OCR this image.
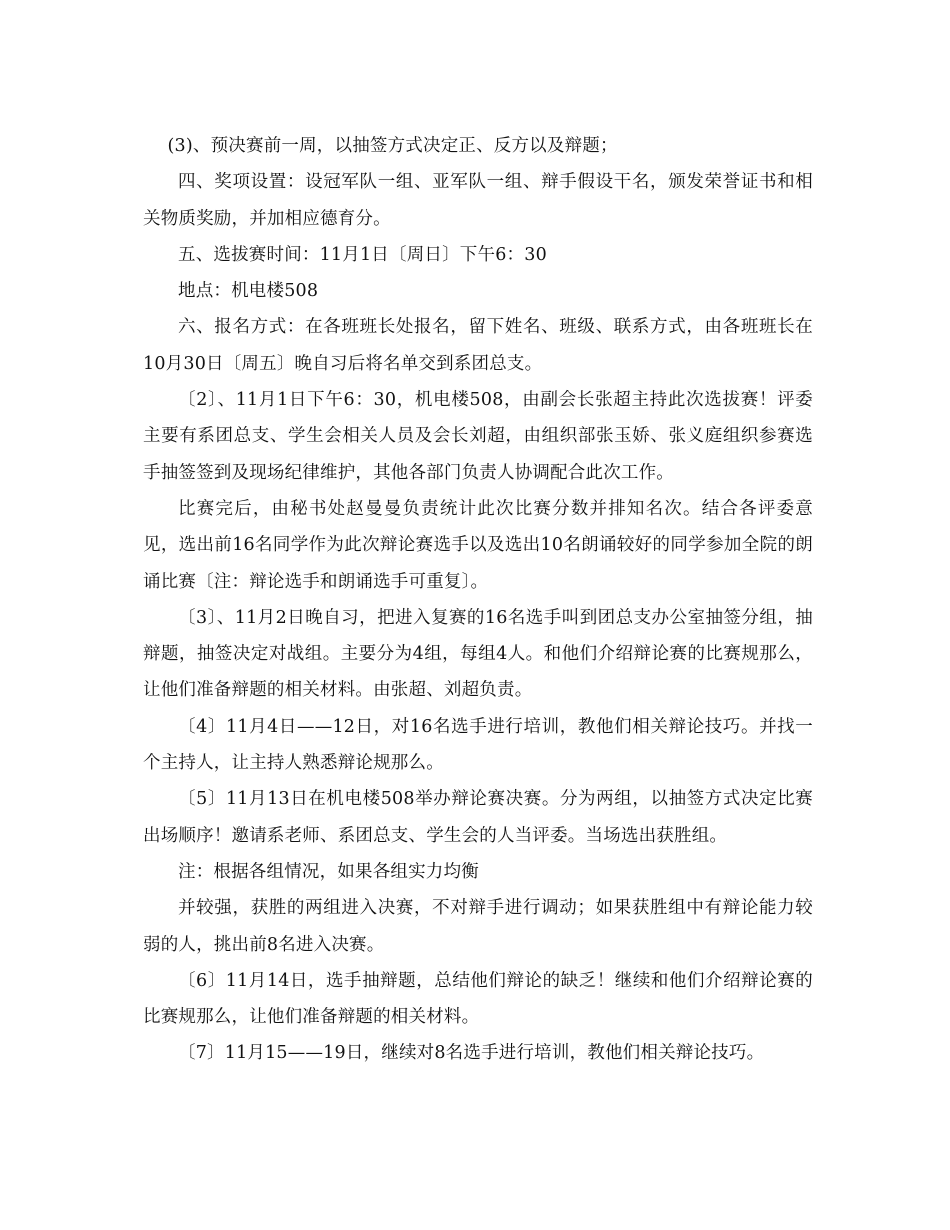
(3)、预决赛前一周，以抽签方式决定正、反方以及辩题；

四、奖项设置：设冠军队一组、亚军队一组、辩手假设干名，颁发荣誉证书和相关物质奖励，并加相应德育分。

五、选拔赛时间：11月1日〔周日〕下午6：30

地点：机电楼508

六、报名方式：在各班班长处报名，留下姓名、班级、联系方式，由各班班长在10月30日〔周五〕晚自习后将名单交到系团总支。

〔2〕、11月1日下午6：30，机电楼508，由副会长张超主持此次选拔赛！评委主要有系团总支、学生会相关人员及会长刘超，由组织部张玉娇、张义庭组织参赛选手抽签签到及现场纪律维护，其他各部门负责人协调配合此次工作。

比赛完后，由秘书处赵曼曼负责统计此次比赛分数并排知名次。结合各评委意见，选出前16名同学作为此次辩论赛选手以及选出10名朗诵较好的同学参加全院的朗诵比赛〔注：辩论选手和朗诵选手可重复〕。

〔3〕、11月2日晚自习，把进入复赛的16名选手叫到团总支办公室抽签分组，抽辩题，抽签决定对战组。主要分为4组，每组4人。和他们介绍辩论赛的比赛规那么，让他们准备辩题的相关材料。由张超、刘超负责。

〔4〕11月4日——12日，对16名选手进行培训，教他们相关辩论技巧。并找一个主持人，让主持人熟悉辩论规那么。

〔5〕11月13日在机电楼508举办辩论赛决赛。分为两组，以抽签方式决定比赛出场顺序！邀请系老师、系团总支、学生会的人当评委。当场选出获胜组。

注：根据各组情况，如果各组实力均衡

并较强，获胜的两组进入决赛，不对辩手进行调动；如果获胜组中有辩论能力较弱的人，挑出前8名进入决赛。

〔6〕11月14日，选手抽辩题，总结他们辩论的缺乏！继续和他们介绍辩论赛的比赛规那么，让他们准备辩题的相关材料。

〔7〕11月15——19日，继续对8名选手进行培训，教他们相关辩论技巧。
